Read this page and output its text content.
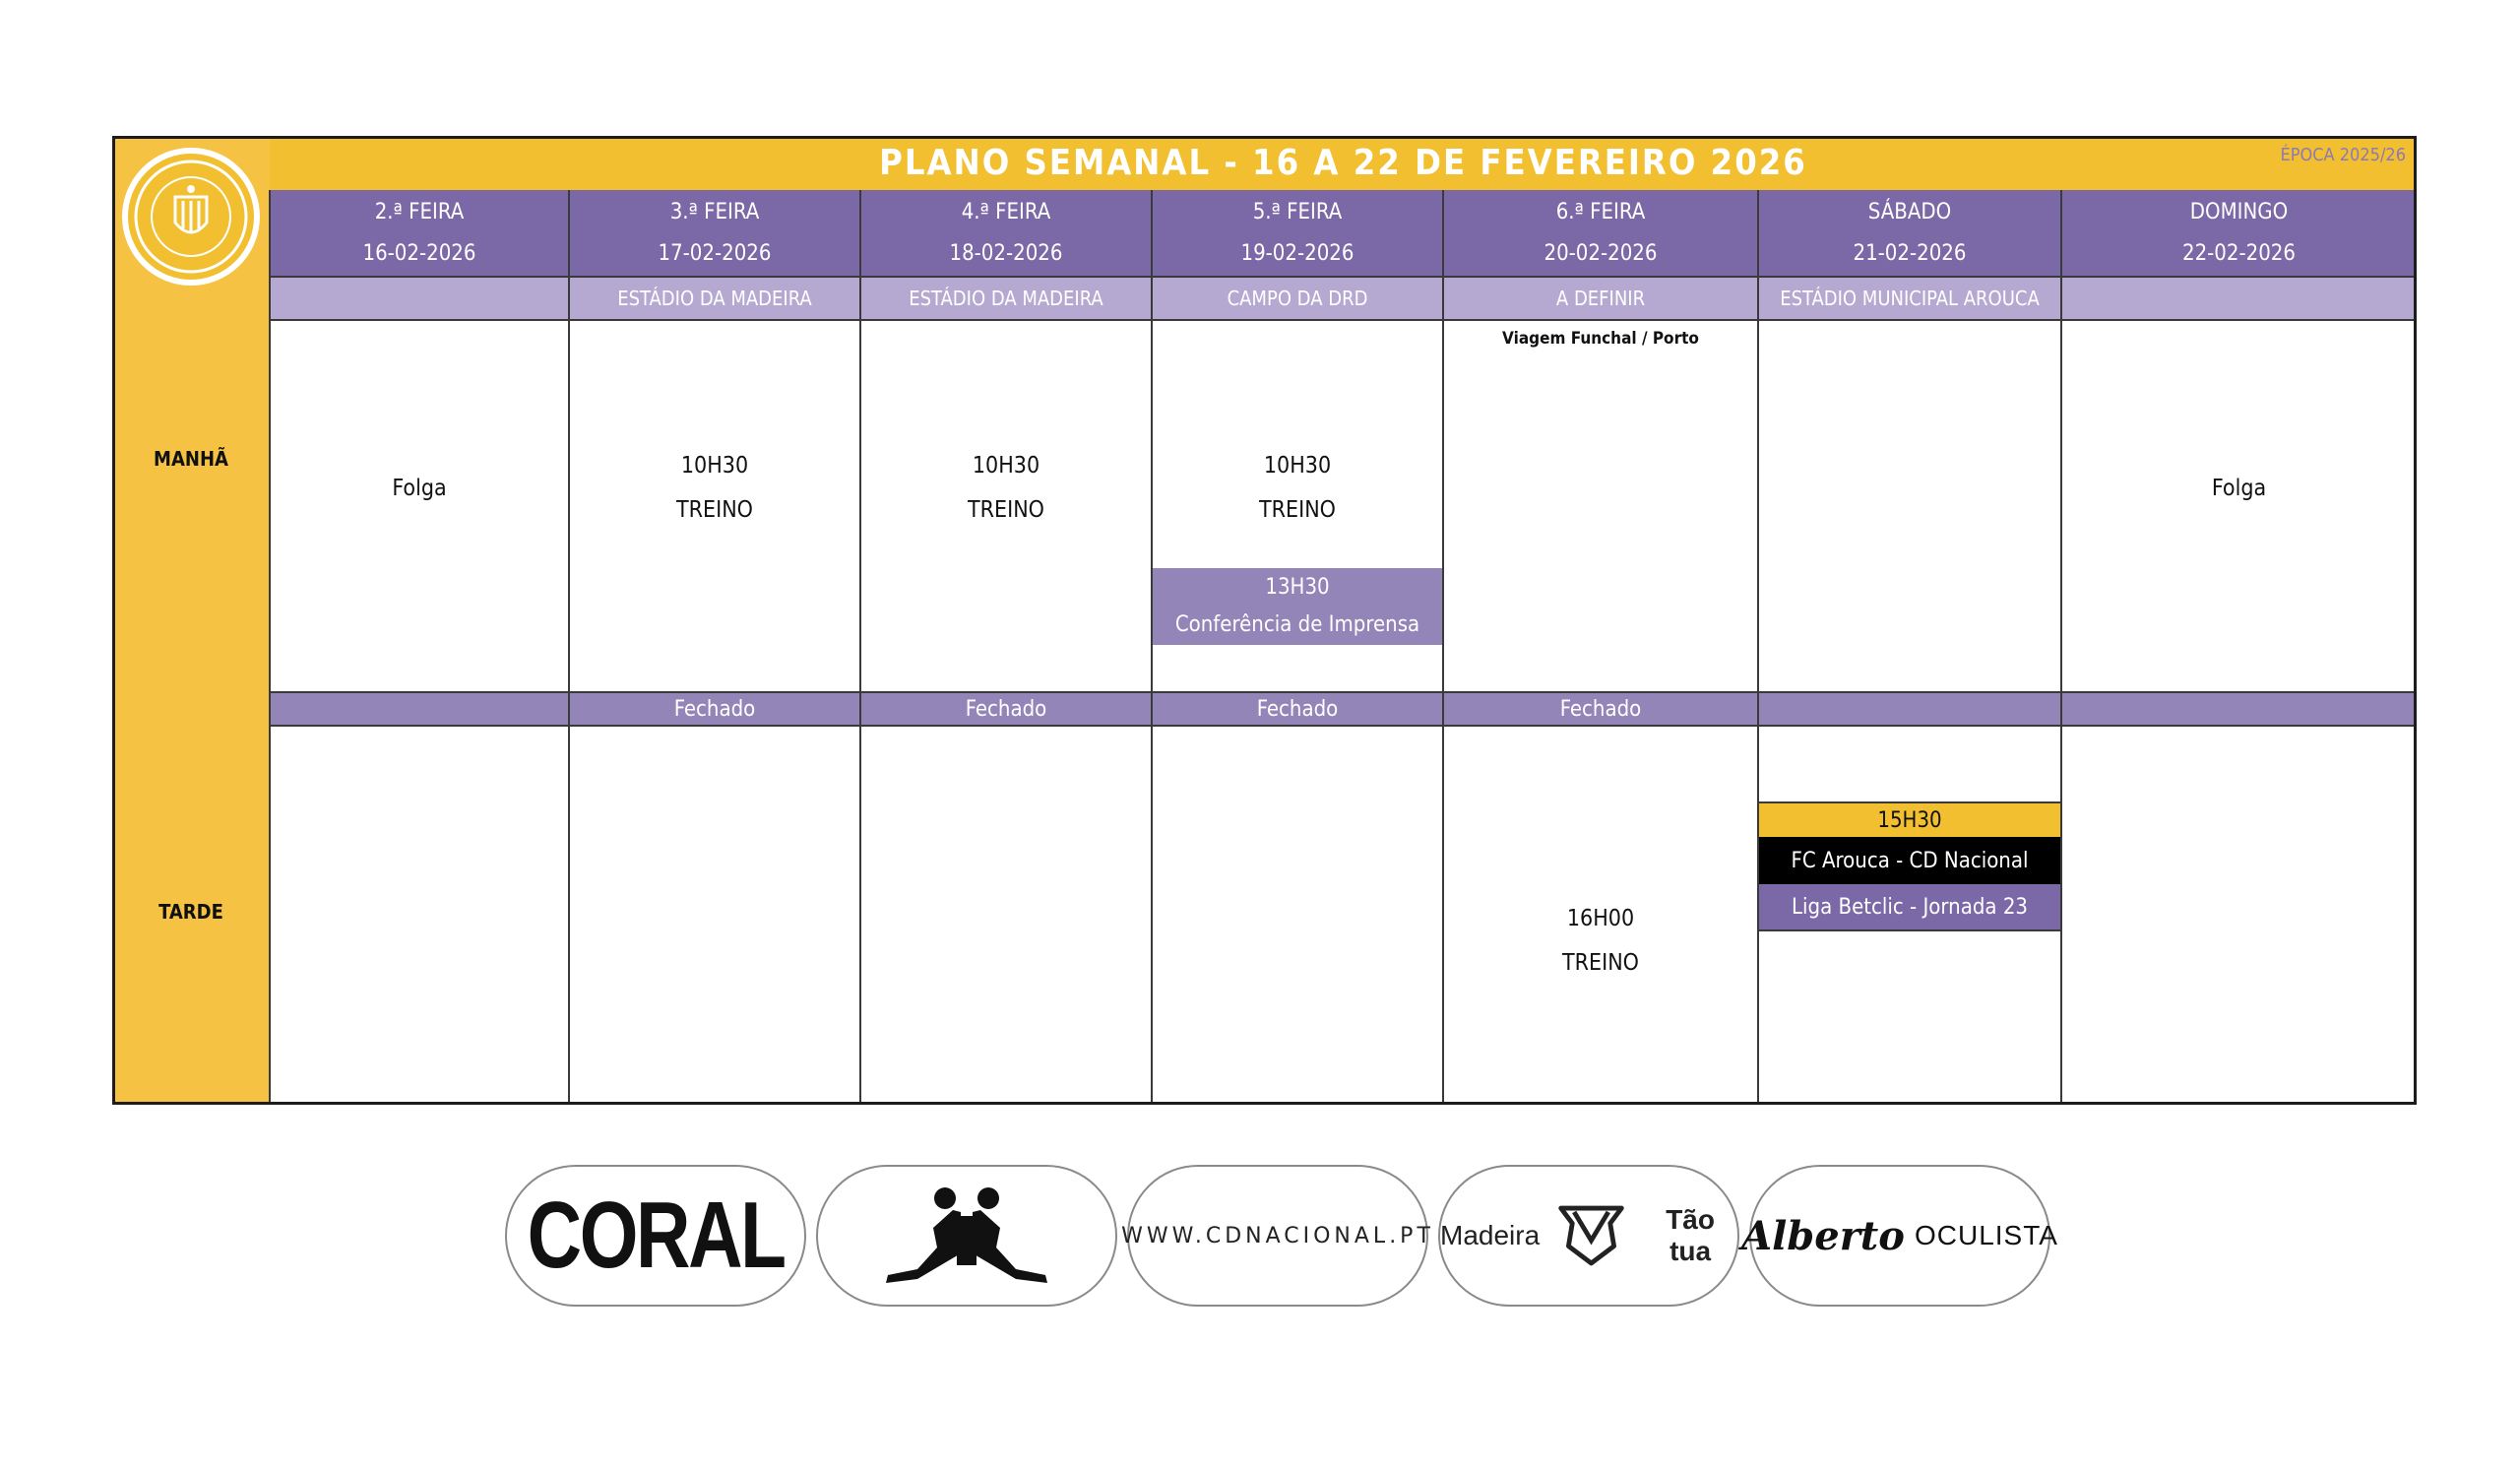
PLANO SEMANAL - 16 A 22 DE FEVEREIRO 2026	ÉPOCA 2025/26
2.ª FEIRA
16-02-2026
Folga
3.ª FEIRA
17-02-2026
ESTÁDIO DA MADEIRA
10H30
TREINO
Fechado
4.ª FEIRA
18-02-2026
ESTÁDIO DA MADEIRA
10H30
TREINO
Fechado
5.ª FEIRA
19-02-2026
CAMPO DA DRD
10H30
TREINO
13H30
Conferência de Imprensa
Fechado
6.ª FEIRA
20-02-2026
A DEFINIR
Viagem Funchal / Porto
Fechado
16H00
TREINO
SÁBADO
21-02-2026
ESTÁDIO MUNICIPAL AROUCA
15H30
FC Arouca - CD Nacional
Liga Betclic - Jornada 23
DOMINGO
22-02-2026
Folga
MANHÃ
TARDE
CORAL	WWW.CDNACIONAL.PT Madeira
Tão tua Alberto OCULISTA
